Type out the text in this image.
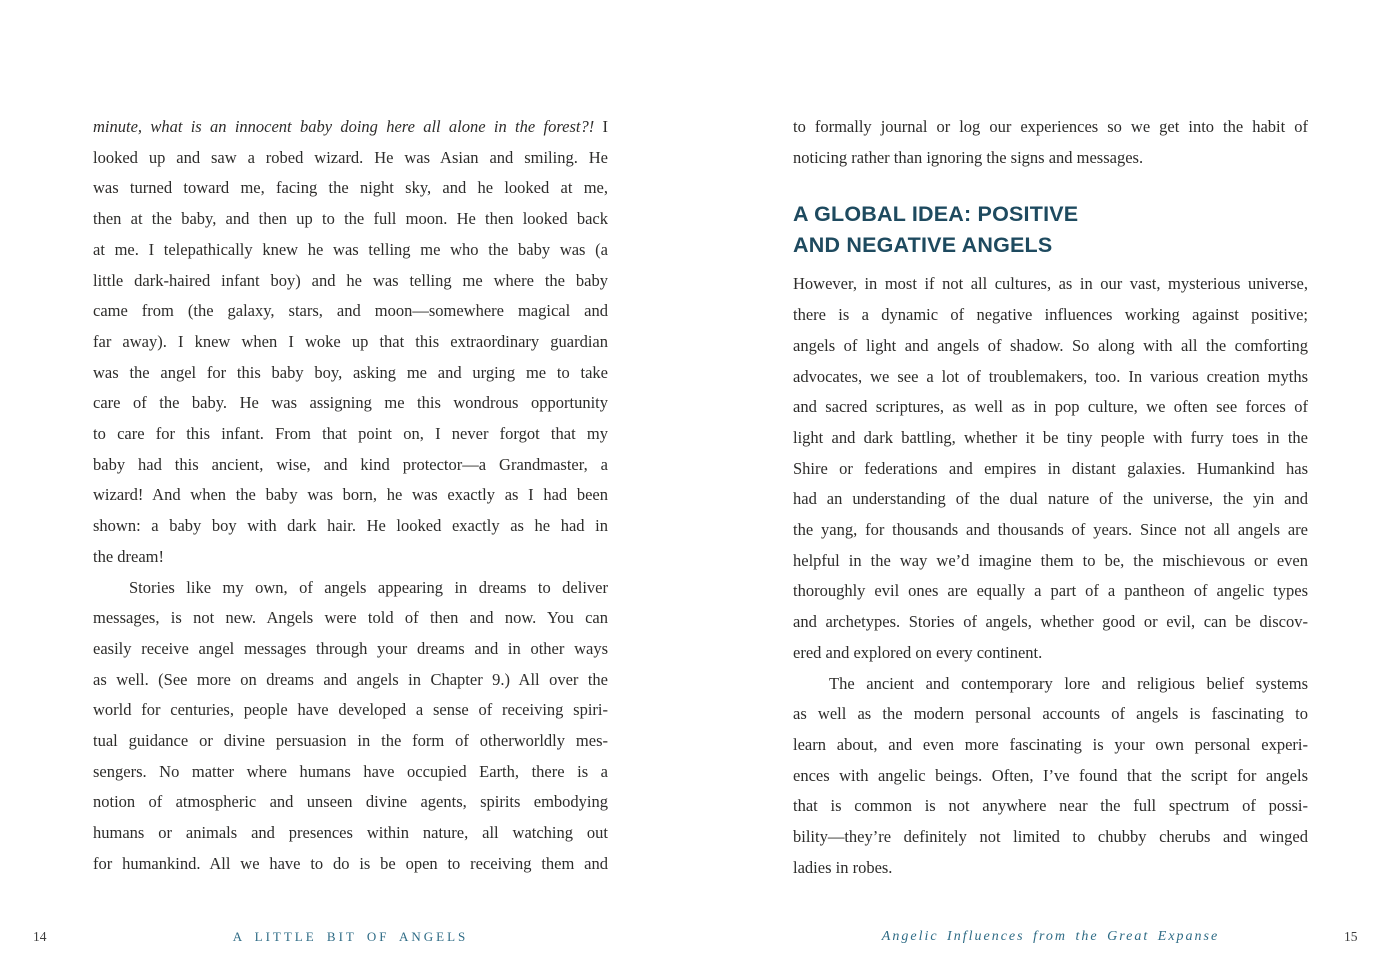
minute, what is an innocent baby doing here all alone in the forest?! I
looked up and saw a robed wizard. He was Asian and smiling. He
was turned toward me, facing the night sky, and he looked at me,
then at the baby, and then up to the full moon. He then looked back
at me. I telepathically knew he was telling me who the baby was (a
little dark-haired infant boy) and he was telling me where the baby
came from (the galaxy, stars, and moon—somewhere magical and
far away). I knew when I woke up that this extraordinary guardian
was the angel for this baby boy, asking me and urging me to take
care of the baby. He was assigning me this wondrous opportunity
to care for this infant. From that point on, I never forgot that my
baby had this ancient, wise, and kind protector—a Grandmaster, a
wizard! And when the baby was born, he was exactly as I had been
shown: a baby boy with dark hair. He looked exactly as he had in
the dream!
Stories like my own, of angels appearing in dreams to deliver
messages, is not new. Angels were told of then and now. You can
easily receive angel messages through your dreams and in other ways
as well. (See more on dreams and angels in Chapter 9.) All over the
world for centuries, people have developed a sense of receiving spiri-
tual guidance or divine persuasion in the form of otherworldly mes-
sengers. No matter where humans have occupied Earth, there is a
notion of atmospheric and unseen divine agents, spirits embodying
humans or animals and presences within nature, all watching out
for humankind. All we have to do is be open to receiving them and
to formally journal or log our experiences so we get into the habit of
noticing rather than ignoring the signs and messages.
A GLOBAL IDEA: POSITIVE
AND NEGATIVE ANGELS
However, in most if not all cultures, as in our vast, mysterious universe,
there is a dynamic of negative influences working against positive;
angels of light and angels of shadow. So along with all the comforting
advocates, we see a lot of troublemakers, too. In various creation myths
and sacred scriptures, as well as in pop culture, we often see forces of
light and dark battling, whether it be tiny people with furry toes in the
Shire or federations and empires in distant galaxies. Humankind has
had an understanding of the dual nature of the universe, the yin and
the yang, for thousands and thousands of years. Since not all angels are
helpful in the way we’d imagine them to be, the mischievous or even
thoroughly evil ones are equally a part of a pantheon of angelic types
and archetypes. Stories of angels, whether good or evil, can be discov-
ered and explored on every continent.
The ancient and contemporary lore and religious belief systems
as well as the modern personal accounts of angels is fascinating to
learn about, and even more fascinating is your own personal experi-
ences with angelic beings. Often, I’ve found that the script for angels
that is common is not anywhere near the full spectrum of possi-
bility—they’re definitely not limited to chubby cherubs and winged
ladies in robes.
14	A LITTLE BIT OF ANGELS	Angelic Influences from the Great Expanse	15
